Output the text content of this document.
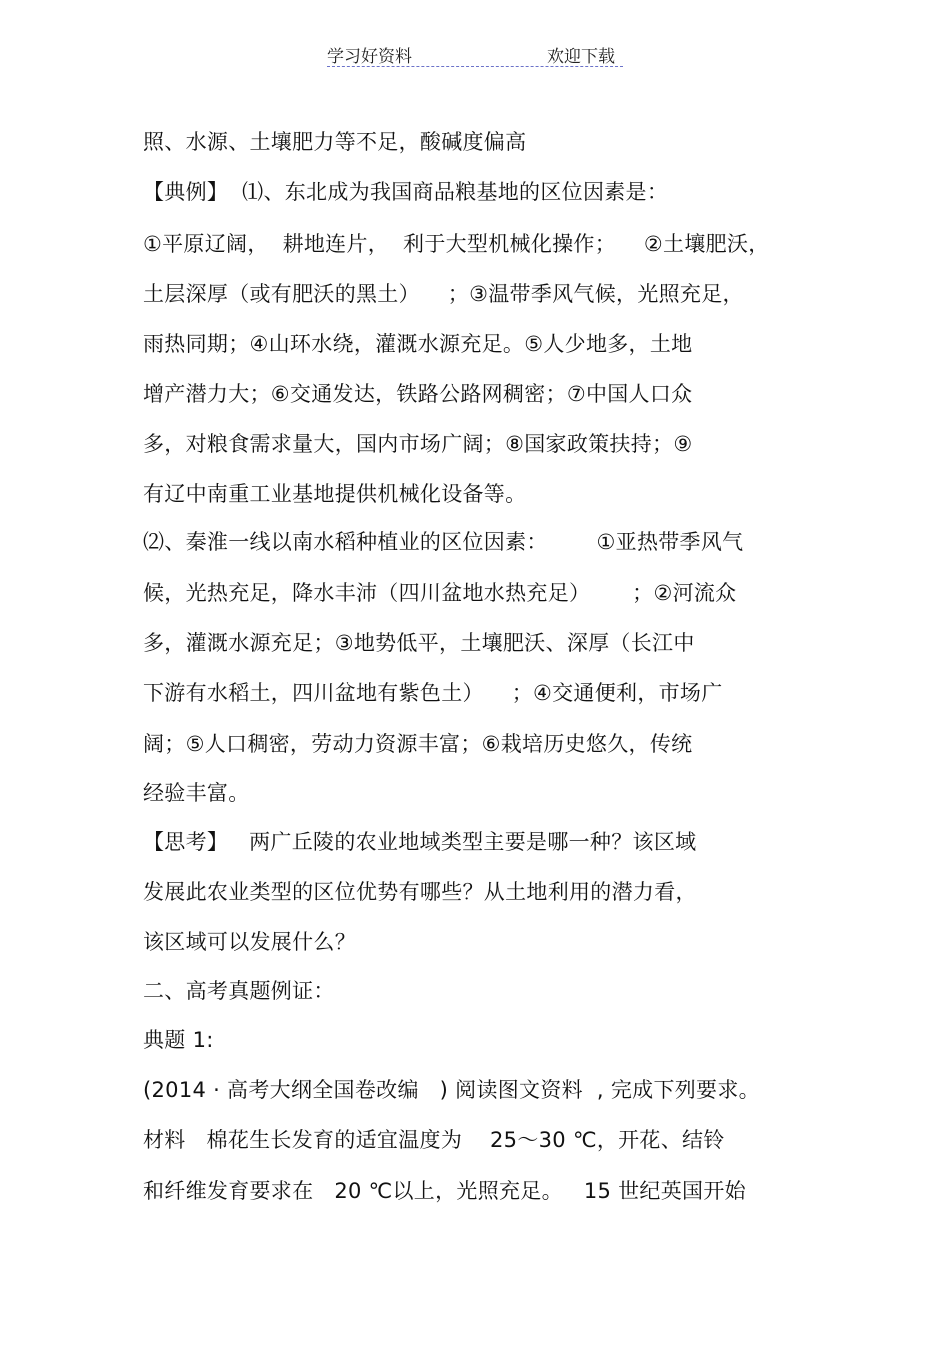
学习好资料	欢迎下载
照、水源、土壤肥力等不足，酸碱度偏高
【典例】  ⑴、东北成为我国商品粮基地的区位因素是：
①平原辽阔，  耕地连片，  利于大型机械化操作；    ②土壤肥沃，
土层深厚（或有肥沃的黑土）    ；③温带季风气候，光照充足，
雨热同期；④山环水绕，灌溉水源充足。⑤人少地多，土地
增产潜力大；⑥交通发达，铁路公路网稠密；⑦中国人口众
多，对粮食需求量大，国内市场广阔；⑧国家政策扶持；⑨
有辽中南重工业基地提供机械化设备等。
⑵、秦淮一线以南水稻种植业的区位因素：       ①亚热带季风气
候，光热充足，降水丰沛（四川盆地水热充足）      ；②河流众
多，灌溉水源充足；③地势低平，土壤肥沃、深厚（长江中
下游有水稻土，四川盆地有紫色土）    ；④交通便利，市场广
阔；⑤人口稠密，劳动力资源丰富；⑥栽培历史悠久，传统
经验丰富。
【思考】   两广丘陵的农业地域类型主要是哪一种？该区域
发展此农业类型的区位优势有哪些？从土地利用的潜力看，
该区域可以发展什么？
二、高考真题例证：
典题 1:
(2014 · 高考大纲全国卷改编   ) 阅读图文资料  , 完成下列要求。
材料   棉花生长发育的适宜温度为    25～30 ℃，开花、结铃
和纤维发育要求在   20 ℃以上，光照充足。   15 世纪英国开始
